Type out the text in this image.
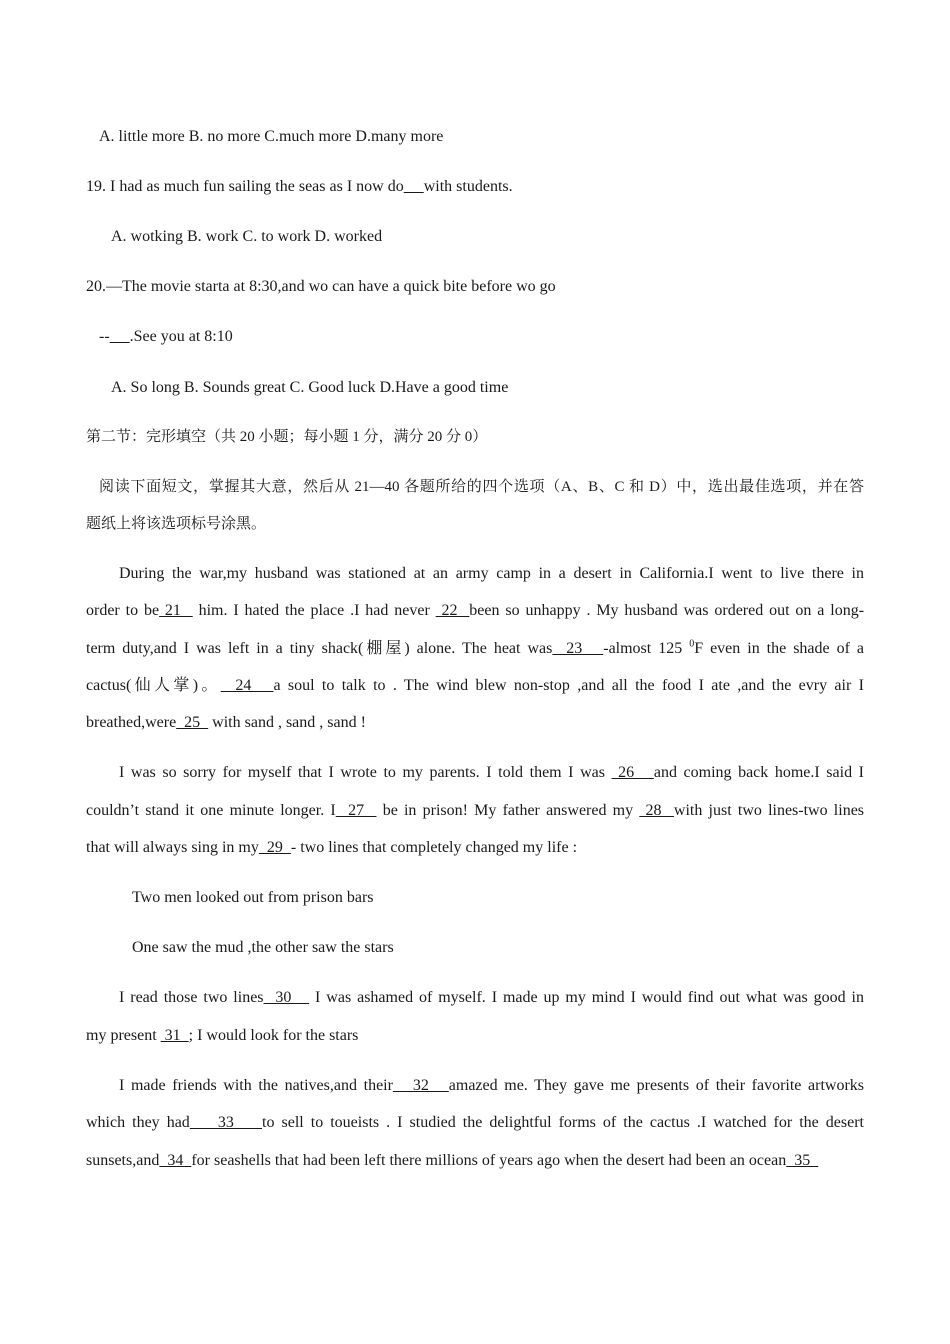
A. little more B. no more C.much more D.many more
19. I had as much fun sailing the seas as I now do with students.
A. wotking B. work C. to work D. worked
20.—The movie starta at 8:30,and wo can have a quick bite before wo go
-- .See you at 8:10
A. So long B. Sounds great C. Good luck D.Have a good time
第二节：完形填空（共 20 小题；每小题 1 分，满分 20 分 0）
阅读下面短文，掌握其大意，然后从 21—40 各题所给的四个选项（A、B、C 和 D）中，选出最佳选项，并在答
题纸上将该选项标号涂黑。
During the war,my husband was stationed at an army camp in a desert in California.I went to live there in
order to be 21   him. I hated the place .I had never  22  been so unhappy . My husband was ordered out on a long-
term duty,and I was left in a tiny shack(棚屋) alone. The heat was  23   -almost 125 $^0$F even in the shade of a
cactus(仙人掌)。  24   a soul to talk to . The wind blew non-stop ,and all the food I ate ,and the evry air I
breathed,were  25   with sand , sand , sand !
I was so sorry for myself that I wrote to my parents. I told them I was  26   and coming back home.I said I
couldn’t stand it one minute longer. I  27   be in prison! My father answered my  28  with just two lines-two lines
that will always sing in my  29  - two lines that completely changed my life :
Two men looked out from prison bars
One saw the mud ,the other saw the stars
I read those two lines  30    I was ashamed of myself. I made up my mind I would find out what was good in
my present  31  ; I would look for the stars
I made friends with the natives,and their   32   amazed me. They gave me presents of their favorite artworks
which they had    33    to sell to toueists . I studied the delightful forms of the cactus .I watched for the desert
sunsets,and  34  for seashells that had been left there millions of years ago when the desert had been an ocean  35
